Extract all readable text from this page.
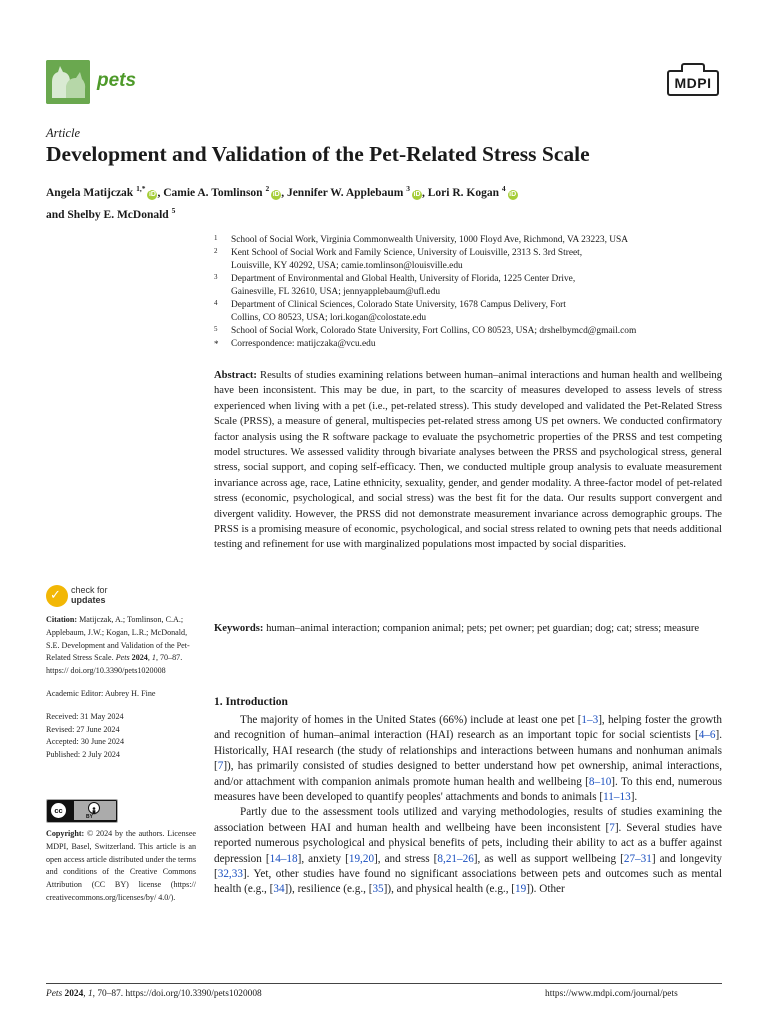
pets	MDPI
Article
Development and Validation of the Pet-Related Stress Scale
Angela Matijczak $^{1,*}$iD , Camie A. Tomlinson $^2$iD , Jennifer W. Applebaum $^3$iD , Lori R. Kogan $^4$iD
and Shelby E. McDonald $^5$
1 School of Social Work, Virginia Commonwealth University, 1000 Floyd Ave, Richmond, VA 23223, USA
2 Kent School of Social Work and Family Science, University of Louisville, 2313 S. 3rd Street,
Louisville, KY 40292, USA; camie.tomlinson@louisville.edu
3 Department of Environmental and Global Health, University of Florida, 1225 Center Drive,
Gainesville, FL 32610, USA; jennyapplebaum@ufl.edu
4 Department of Clinical Sciences, Colorado State University, 1678 Campus Delivery, Fort
Collins, CO 80523, USA; lori.kogan@colostate.edu
5 School of Social Work, Colorado State University, Fort Collins, CO 80523, USA; drshelbymcd@gmail.com
* Correspondence: matijczaka@vcu.edu
Abstract: Results of studies examining relations between human–animal interactions and human health and wellbeing have been inconsistent. This may be due, in part, to the scarcity of measures developed to assess levels of stress experienced when living with a pet (i.e., pet-related stress). This study developed and validated the Pet-Related Stress Scale (PRSS), a measure of general, multispecies pet-related stress among US pet owners. We conducted confirmatory factor analysis using the R software package to evaluate the psychometric properties of the PRSS and test competing model structures. We assessed validity through bivariate analyses between the PRSS and psychological stress, general stress, social support, and coping self-efficacy. Then, we conducted multiple group analysis to evaluate measurement invariance across age, race, Latine ethnicity, sexuality, gender, and gender modality. A three-factor model of pet-related stress (economic, psychological, and social stress) was the best fit for the data. Our results support convergent and divergent validity. However, the PRSS did not demonstrate measurement invariance across demographic groups. The PRSS is a promising measure of economic, psychological, and social stress related to owning pets that needs additional testing and refinement for use with marginalized populations most impacted by social disparities.
Keywords: human–animal interaction; companion animal; pets; pet owner; pet guardian; dog; cat; stress; measure
1. Introduction

The majority of homes in the United States (66%) include at least one pet [1–3], helping foster the growth and recognition of human–animal interaction (HAI) research as an important topic for social scientists [4–6]. Historically, HAI research (the study of relationships and interactions between humans and nonhuman animals [7]), has primarily consisted of studies designed to better understand how pet ownership, animal interactions, and/or attachment with companion animals promote human health and wellbeing [8–10]. To this end, numerous measures have been developed to quantify peoples' attachments and bonds to animals [11–13].

Partly due to the assessment tools utilized and varying methodologies, results of studies examining the association between HAI and human health and wellbeing have been inconsistent [7]. Several studies have reported numerous psychological and physical benefits of pets, including their ability to act as a buffer against depression [14–18], anxiety [19,20], and stress [8,21–26], as well as support wellbeing [27–31] and longevity [32,33]. Yet, other studies have found no significant associations between pets and outcomes such as mental health (e.g., [34]), resilience (e.g., [35]), and physical health (e.g., [19]). Other

✓ check for
updates
Citation: Matijczak, A.; Tomlinson, C.A.; Applebaum, J.W.; Kogan, L.R.; McDonald, S.E. Development and Validation of the Pet-Related Stress Scale. Pets 2024, 1, 70–87. https:// doi.org/10.3390/pets1020008
Academic Editor: Aubrey H. Fine
Received: 31 May 2024
Revised: 27 June 2024
Accepted: 30 June 2024
Published: 2 July 2024
cc
BY
Copyright: © 2024 by the authors. Licensee MDPI, Basel, Switzerland. This article is an open access article distributed under the terms and conditions of the Creative Commons Attribution (CC BY) license (https:// creativecommons.org/licenses/by/ 4.0/).
Pets 2024, 1, 70–87. https://doi.org/10.3390/pets1020008	https://www.mdpi.com/journal/pets
